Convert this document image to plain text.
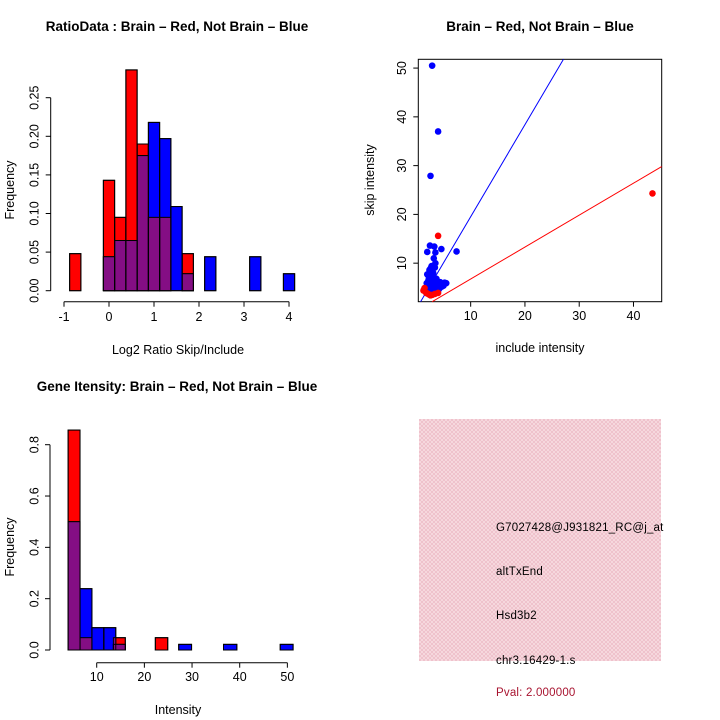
-1	0	1	2	3	4
0.00
0.05
0.10
0.15
0.20
0.25
RatioData : Brain – Red, Not Brain – Blue
Log2 Ratio Skip/Include
Frequency
10	20	30	40
10
20
30
40
50
Brain – Red, Not Brain – Blue
include intensity
skip intensity
10	20	30	40	50
0.0
0.2
0.4
0.6
0.8
Gene Itensity: Brain – Red, Not Brain – Blue
Intensity
Frequency	G7027428@J931821_RC@j_at
altTxEnd
Hsd3b2
chr3.16429-1.s
Pval: 2.000000
